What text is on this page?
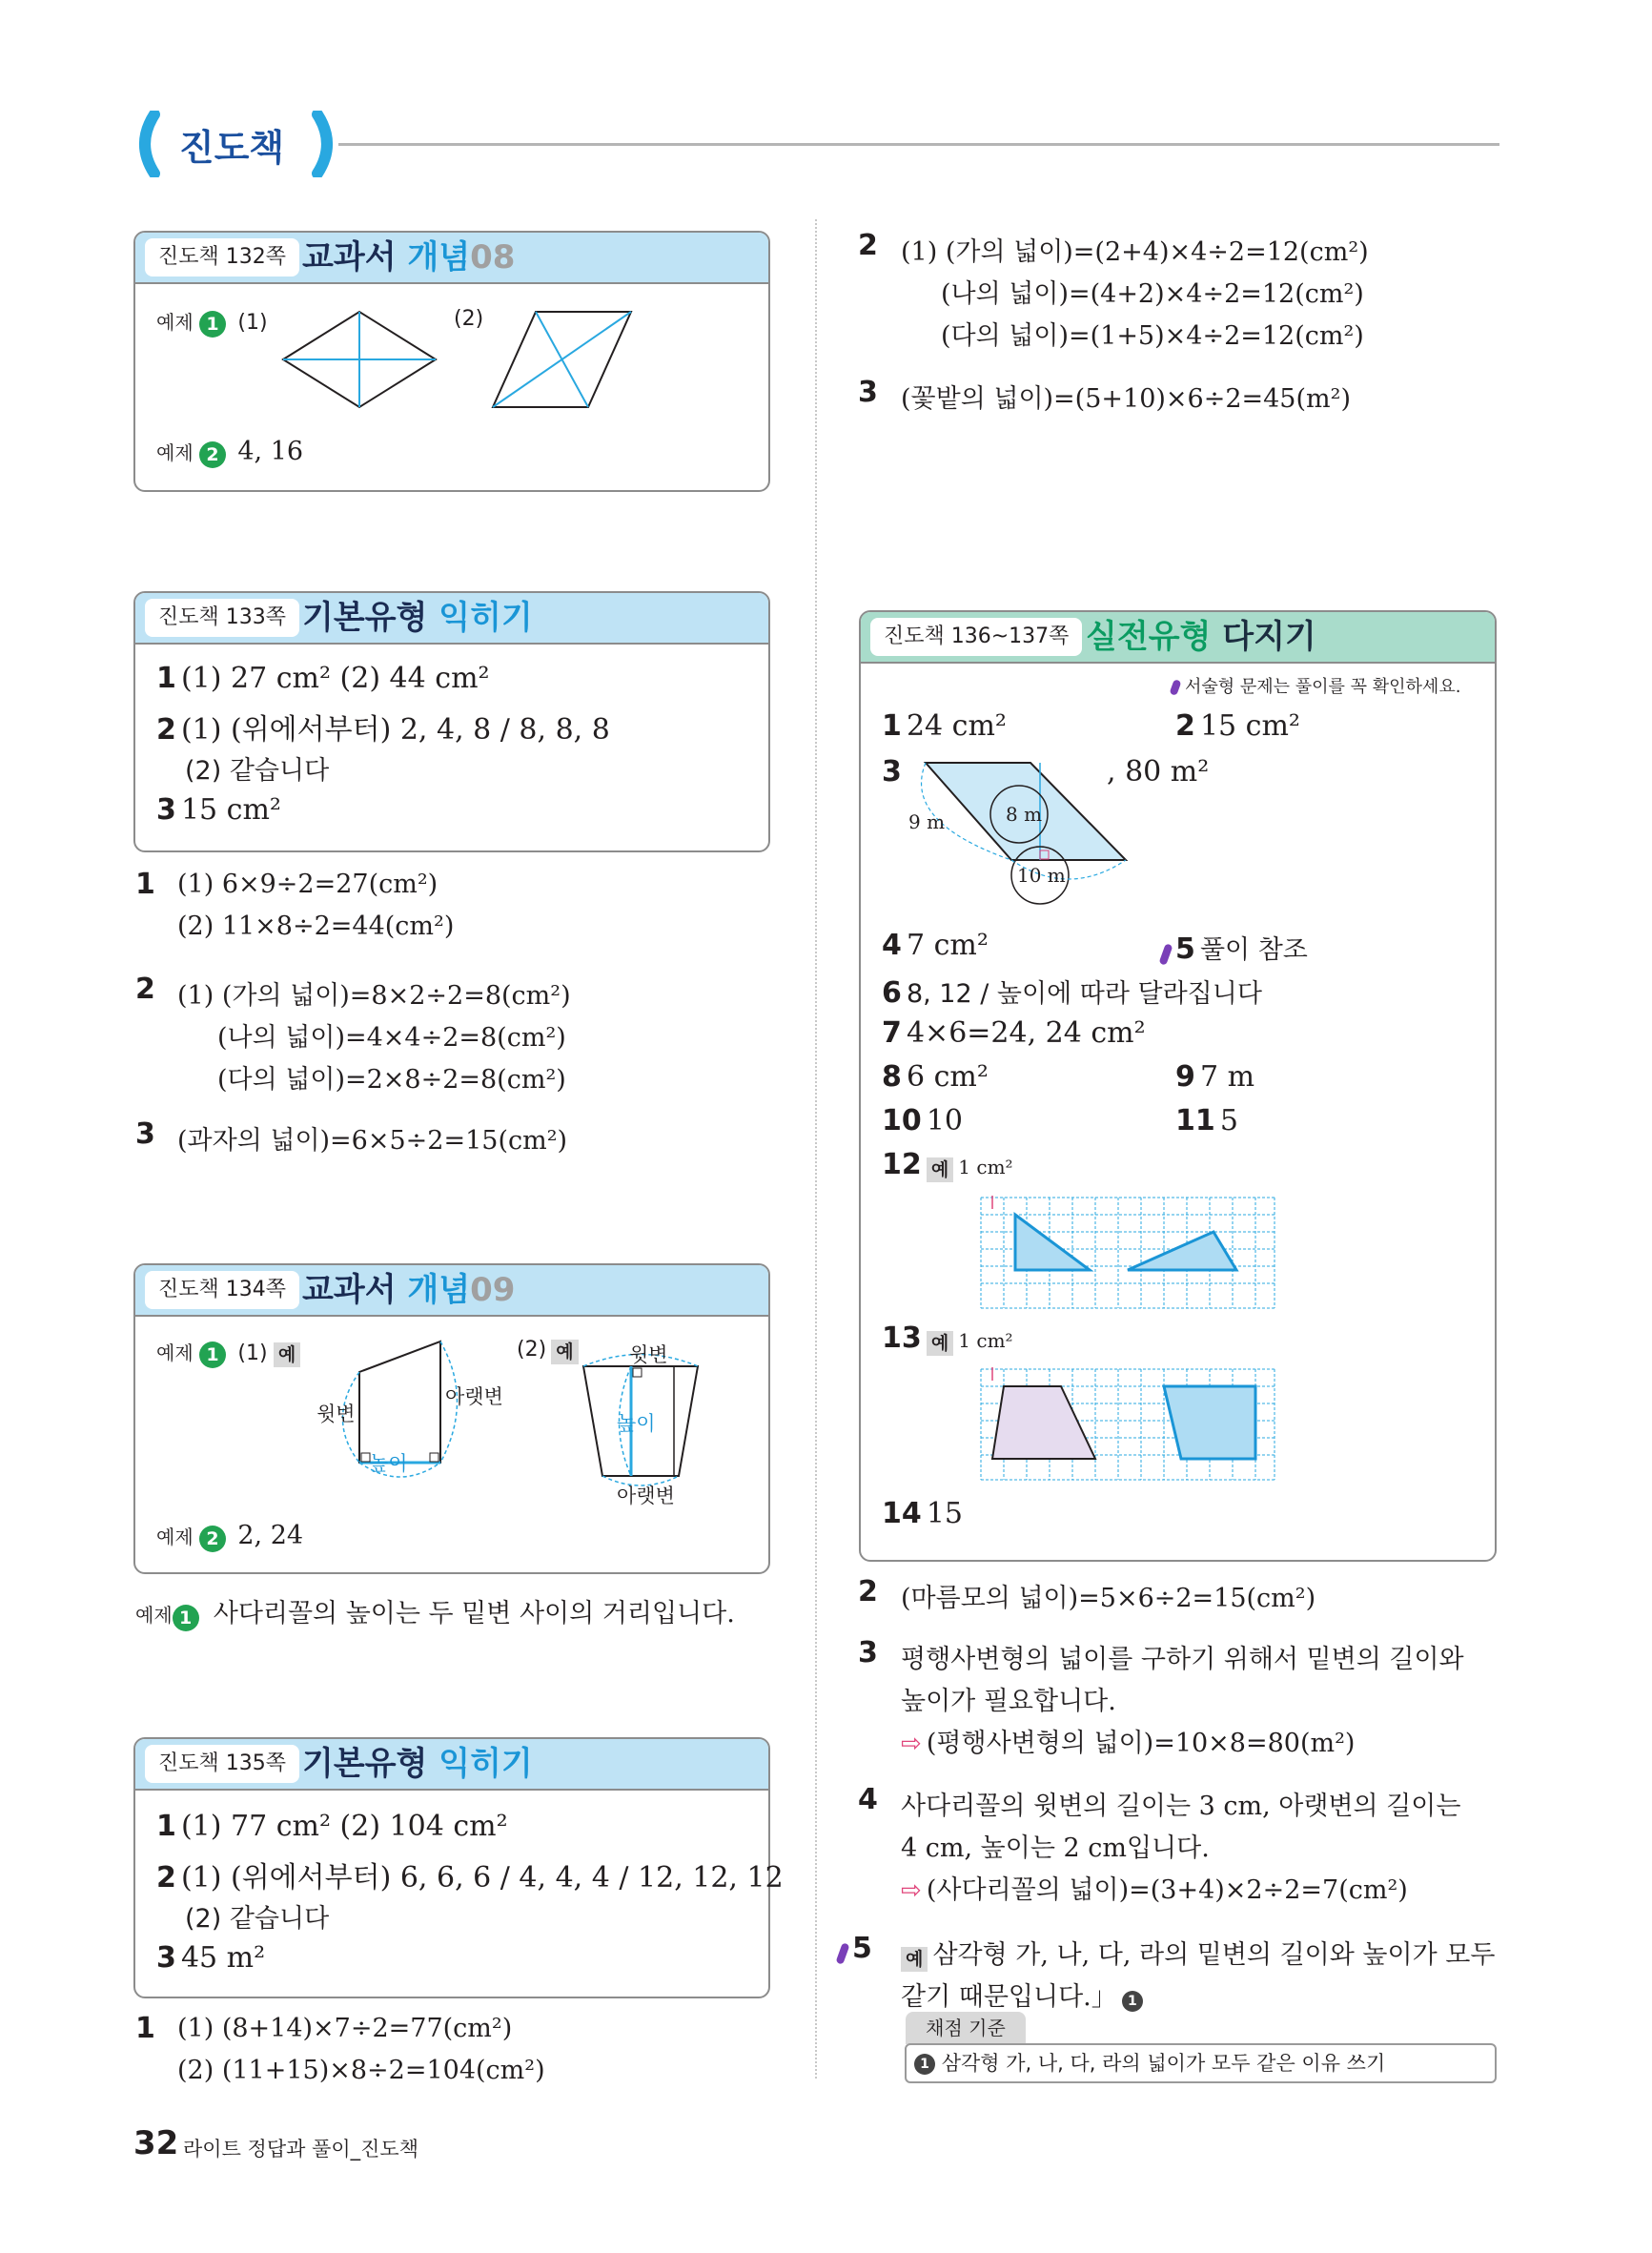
진도책
진도책 132쪽 교과서 개념08
예제 1 (1)	(2)
예제 2 4, 16
진도책 133쪽 기본유형 익히기
1 (1) 27 cm² (2) 44 cm²
2 (1) (위에서부터) 2, 4, 8 / 8, 8, 8
(2) 같습니다
3 15 cm²
1 (1) 6×9÷2=27(cm²)
(2) 11×8÷2=44(cm²)
2 (1) (가의 넓이)=8×2÷2=8(cm²)
(나의 넓이)=4×4÷2=8(cm²)
(다의 넓이)=2×8÷2=8(cm²)
3 (과자의 넓이)=6×5÷2=15(cm²)
진도책 134쪽 교과서 개념09
예제 1 (1) 예	(2) 예
윗변
아랫변
높이
윗변
높이
아랫변
예제 2 2, 24
예제 1 사다리꼴의 높이는 두 밑변 사이의 거리입니다.
진도책 135쪽 기본유형 익히기
1 (1) 77 cm² (2) 104 cm²
2 (1) (위에서부터) 6, 6, 6 / 4, 4, 4 / 12, 12, 12
(2) 같습니다
3 45 m²
1 (1) (8+14)×7÷2=77(cm²)
(2) (11+15)×8÷2=104(cm²)
2 (1) (가의 넓이)=(2+4)×4÷2=12(cm²)
(나의 넓이)=(4+2)×4÷2=12(cm²)
(다의 넓이)=(1+5)×4÷2=12(cm²)
3 (꽃밭의 넓이)=(5+10)×6÷2=45(m²)
진도책 136~137쪽 실전유형 다지기
서술형 문제는 풀이를 꼭 확인하세요.
1 24 cm²	2 15 cm²
3
9 m	8 m
10 m
, 80 m²
4 7 cm²	5 풀이 참조
6 8, 12 / 높이에 따라 달라집니다
7 4×6=24, 24 cm²
8 6 cm²	9 7 m
10 10	11 5
12 예 1 cm²
13 예 1 cm²
14 15
2 (마름모의 넓이)=5×6÷2=15(cm²)
3 평행사변형의 넓이를 구하기 위해서 밑변의 길이와
높이가 필요합니다.
⇨ (평행사변형의 넓이)=10×8=80(m²)
4 사다리꼴의 윗변의 길이는 3 cm, 아랫변의 길이는
4 cm, 높이는 2 cm입니다.
⇨ (사다리꼴의 넓이)=(3+4)×2÷2=7(cm²)
5 예 삼각형 가, 나, 다, 라의 밑변의 길이와 높이가 모두
같기 때문입니다.」 1
채점 기준
1 삼각형 가, 나, 다, 라의 넓이가 모두 같은 이유 쓰기
32 라이트 정답과 풀이_진도책
